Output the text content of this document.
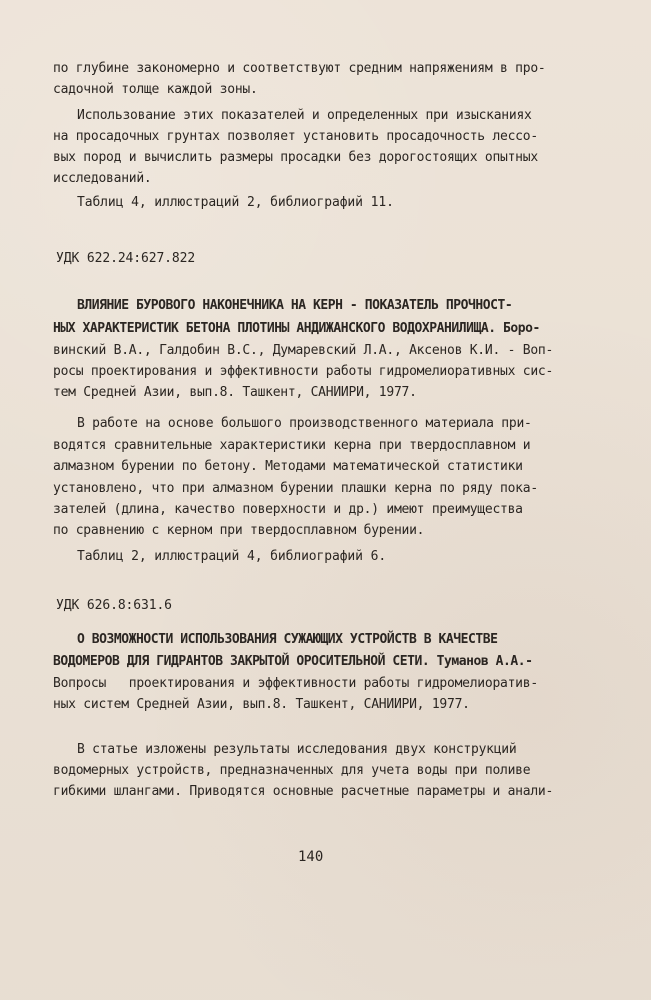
по глубине закономерно и соответствуют средним напряжениям в про-
садочной толще каждой зоны.
Использование этих показателей и определенных при изысканиях
на просадочных грунтах позволяет установить просадочность лессо-
вых пород и вычислить размеры просадки без дорогостоящих опытных
исследований.
Таблиц 4, иллюстраций 2, библиографий 11.
УДК 622.24:627.822
ВЛИЯНИЕ БУРОВОГО НАКОНЕЧНИКА НА КЕРН - ПОКАЗАТЕЛЬ ПРОЧНОСТ-
НЫХ ХАРАКТЕРИСТИК БЕТОНА ПЛОТИНЫ АНДИЖАНСКОГО ВОДОХРАНИЛИЩА. Боро-
винский В.А., Галдобин В.С., Думаревский Л.А., Аксенов К.И. - Воп-
росы проектирования и эффективности работы гидромелиоративных сис-
тем Средней Азии, вып.8. Ташкент, САНИИРИ, 1977.
В работе на основе большого производственного материала при-
водятся сравнительные характеристики керна при твердосплавном и
алмазном бурении по бетону. Методами математической статистики
установлено, что при алмазном бурении плашки керна по ряду пока-
зателей (длина, качество поверхности и др.) имеют преимущества
по сравнению с керном при твердосплавном бурении.
Таблиц 2, иллюстраций 4, библиографий 6.
УДК 626.8:631.6
О ВОЗМОЖНОСТИ ИСПОЛЬЗОВАНИЯ СУЖАЮЩИХ УСТРОЙСТВ В КАЧЕСТВЕ
ВОДОМЕРОВ ДЛЯ ГИДРАНТОВ ЗАКРЫТОЙ ОРОСИТЕЛЬНОЙ СЕТИ. Туманов А.А.-
Вопросы   проектирования и эффективности работы гидромелиоратив-
ных систем Средней Азии, вып.8. Ташкент, САНИИРИ, 1977.
В статье изложены результаты исследования двух конструкций
водомерных устройств, предназначенных для учета воды при поливе
гибкими шлангами. Приводятся основные расчетные параметры и анали-
140
